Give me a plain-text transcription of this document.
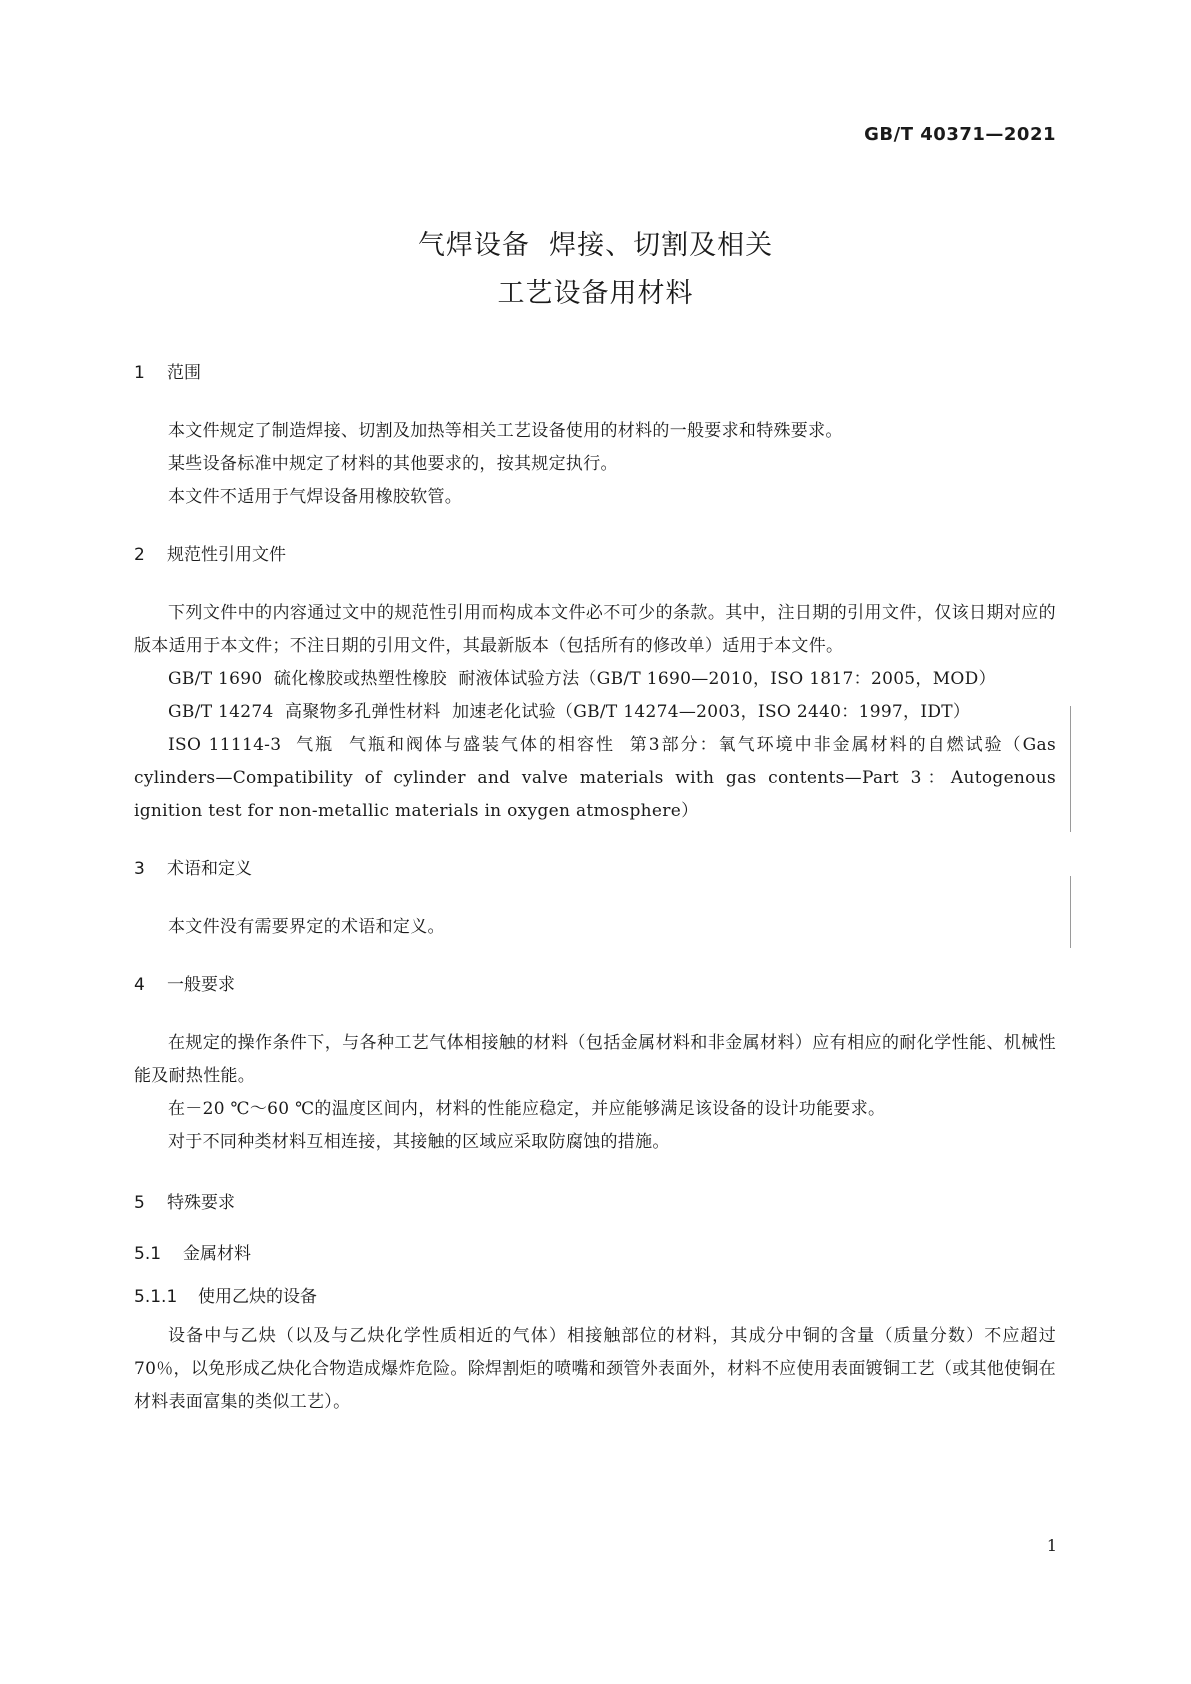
GB/T 40371—2021
气焊设备  焊接、切割及相关
工艺设备用材料
1 范围
本文件规定了制造焊接、切割及加热等相关工艺设备使用的材料的一般要求和特殊要求。
某些设备标准中规定了材料的其他要求的，按其规定执行。
本文件不适用于气焊设备用橡胶软管。
2 规范性引用文件
下列文件中的内容通过文中的规范性引用而构成本文件必不可少的条款。其中，注日期的引用文件，仅该日期对应的版本适用于本文件；不注日期的引用文件，其最新版本（包括所有的修改单）适用于本文件。
GB/T 1690  硫化橡胶或热塑性橡胶  耐液体试验方法（GB/T 1690—2010，ISO 1817：2005，MOD）
GB/T 14274  高聚物多孔弹性材料  加速老化试验（GB/T 14274—2003，ISO 2440：1997，IDT）
ISO 11114-3  气瓶  气瓶和阀体与盛装气体的相容性  第3部分：氧气环境中非金属材料的自燃试验（Gas cylinders—Compatibility of cylinder and valve materials with gas contents—Part 3：Autogenous ignition test for non-metallic materials in oxygen atmosphere）
3 术语和定义
本文件没有需要界定的术语和定义。
4 一般要求
在规定的操作条件下，与各种工艺气体相接触的材料（包括金属材料和非金属材料）应有相应的耐化学性能、机械性能及耐热性能。
在－20 ℃～60 ℃的温度区间内，材料的性能应稳定，并应能够满足该设备的设计功能要求。
对于不同种类材料互相连接，其接触的区域应采取防腐蚀的措施。
5 特殊要求
5.1 金属材料
5.1.1 使用乙炔的设备
设备中与乙炔（以及与乙炔化学性质相近的气体）相接触部位的材料，其成分中铜的含量（质量分数）不应超过70％，以免形成乙炔化合物造成爆炸危险。除焊割炬的喷嘴和颈管外表面外，材料不应使用表面镀铜工艺（或其他使铜在材料表面富集的类似工艺）。
1
